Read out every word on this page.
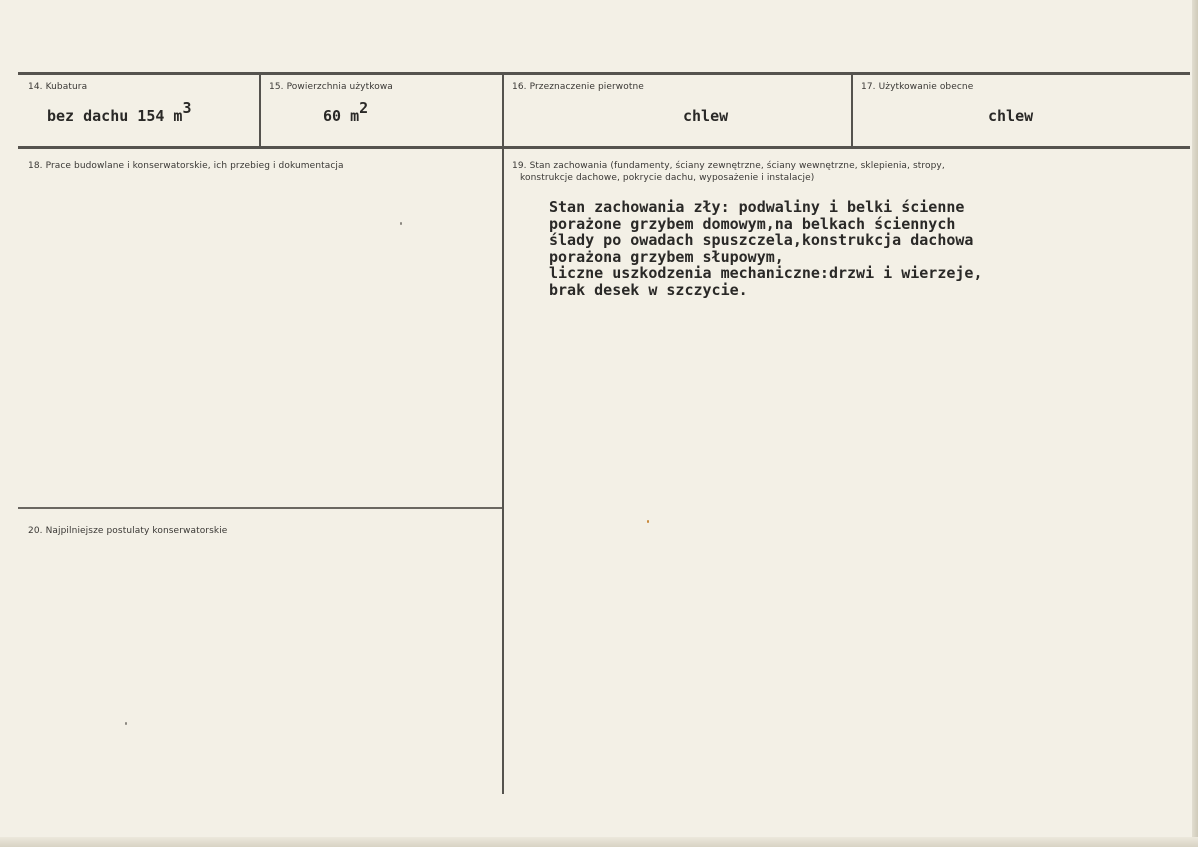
14. Kubatura
bez dachu 154 $m^3$
15. Powierzchnia użytkowa
60 $m^2$
16. Przeznaczenie pierwotne
chlew
17. Użytkowanie obecne
chlew
18. Prace budowlane i konserwatorskie, ich przebieg i dokumentacja	19. Stan zachowania (fundamenty, ściany zewnętrzne, ściany wewnętrzne, sklepienia, stropy,
konstrukcje dachowe, pokrycie dachu, wyposażenie i instalacje)
Stan zachowania zły: podwaliny i belki ścienne
porażone grzybem domowym,na belkach ściennych
ślady po owadach spuszczela,konstrukcja dachowa
porażona grzybem słupowym,
liczne uszkodzenia mechaniczne:drzwi i wierzeje,
brak desek w szczycie.
20. Najpilniejsze postulaty konserwatorskie
